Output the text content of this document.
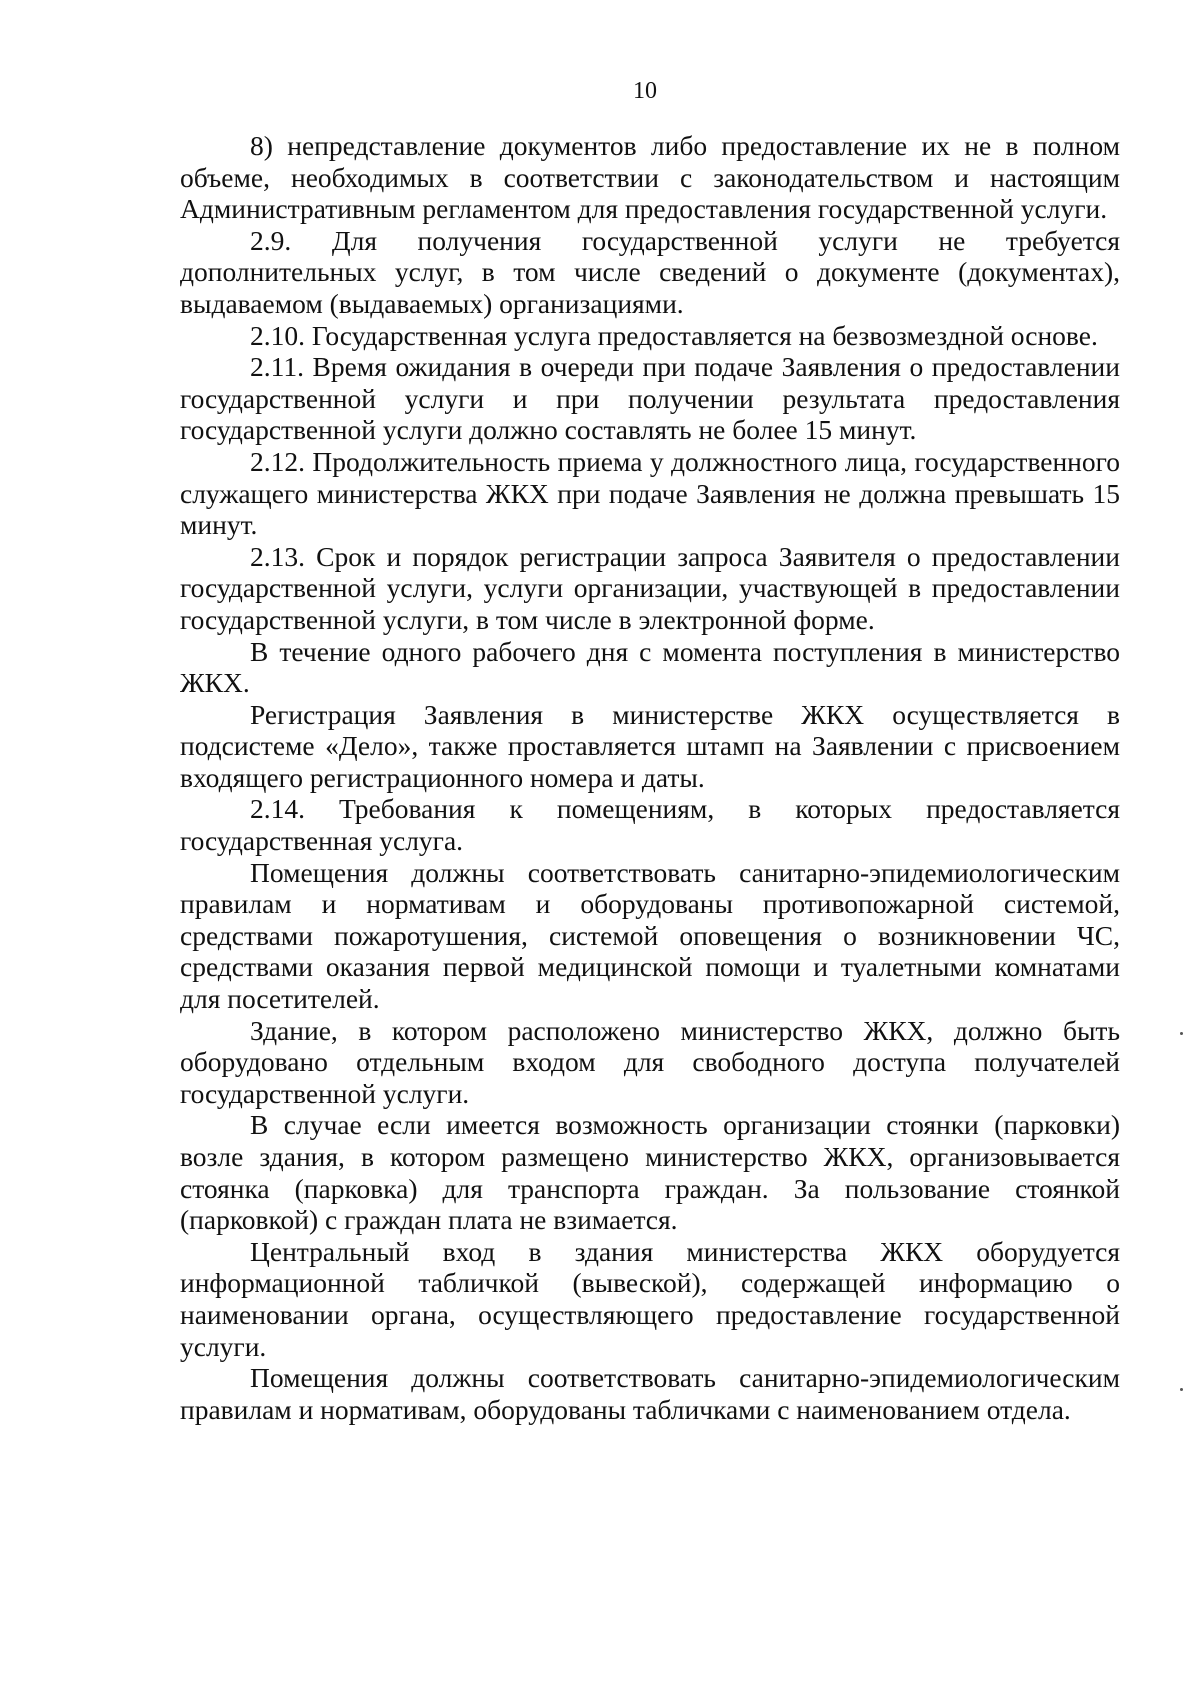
10

8) непредставление документов либо предоставление их не в полном объеме, необходимых в соответствии с законодательством и настоящим Административным регламентом для предоставления государственной услуги.

2.9. Для получения государственной услуги не требуется дополнительных услуг, в том числе сведений о документе (документах), выдаваемом (выдаваемых) организациями.

2.10. Государственная услуга предоставляется на безвозмездной основе.

2.11. Время ожидания в очереди при подаче Заявления о предоставлении государственной услуги и при получении результата предоставления государственной услуги должно составлять не более 15 минут.

2.12. Продолжительность приема у должностного лица, государственного служащего министерства ЖКХ при подаче Заявления не должна превышать 15 минут.

2.13. Срок и порядок регистрации запроса Заявителя о предоставлении государственной услуги, услуги организации, участвующей в предоставлении государственной услуги, в том числе в электронной форме.

В течение одного рабочего дня с момента поступления в министерство ЖКХ.

Регистрация Заявления в министерстве ЖКХ осуществляется в подсистеме «Дело», также проставляется штамп на Заявлении с присвоением входящего регистрационного номера и даты.

2.14. Требования к помещениям, в которых предоставляется государственная услуга.

Помещения должны соответствовать санитарно-эпидемиологическим правилам и нормативам и оборудованы противопожарной системой, средствами пожаротушения, системой оповещения о возникновении ЧС, средствами оказания первой медицинской помощи и туалетными комнатами для посетителей.

Здание, в котором расположено министерство ЖКХ, должно быть оборудовано отдельным входом для свободного доступа получателей государственной услуги.

В случае если имеется возможность организации стоянки (парковки) возле здания, в котором размещено министерство ЖКХ, организовывается стоянка (парковка) для транспорта граждан. За пользование стоянкой (парковкой) с граждан плата не взимается.

Центральный вход в здания министерства ЖКХ оборудуется информационной табличкой (вывеской), содержащей информацию о наименовании органа, осуществляющего предоставление государственной услуги.

Помещения должны соответствовать санитарно-эпидемиологическим правилам и нормативам, оборудованы табличками с наименованием отдела.
